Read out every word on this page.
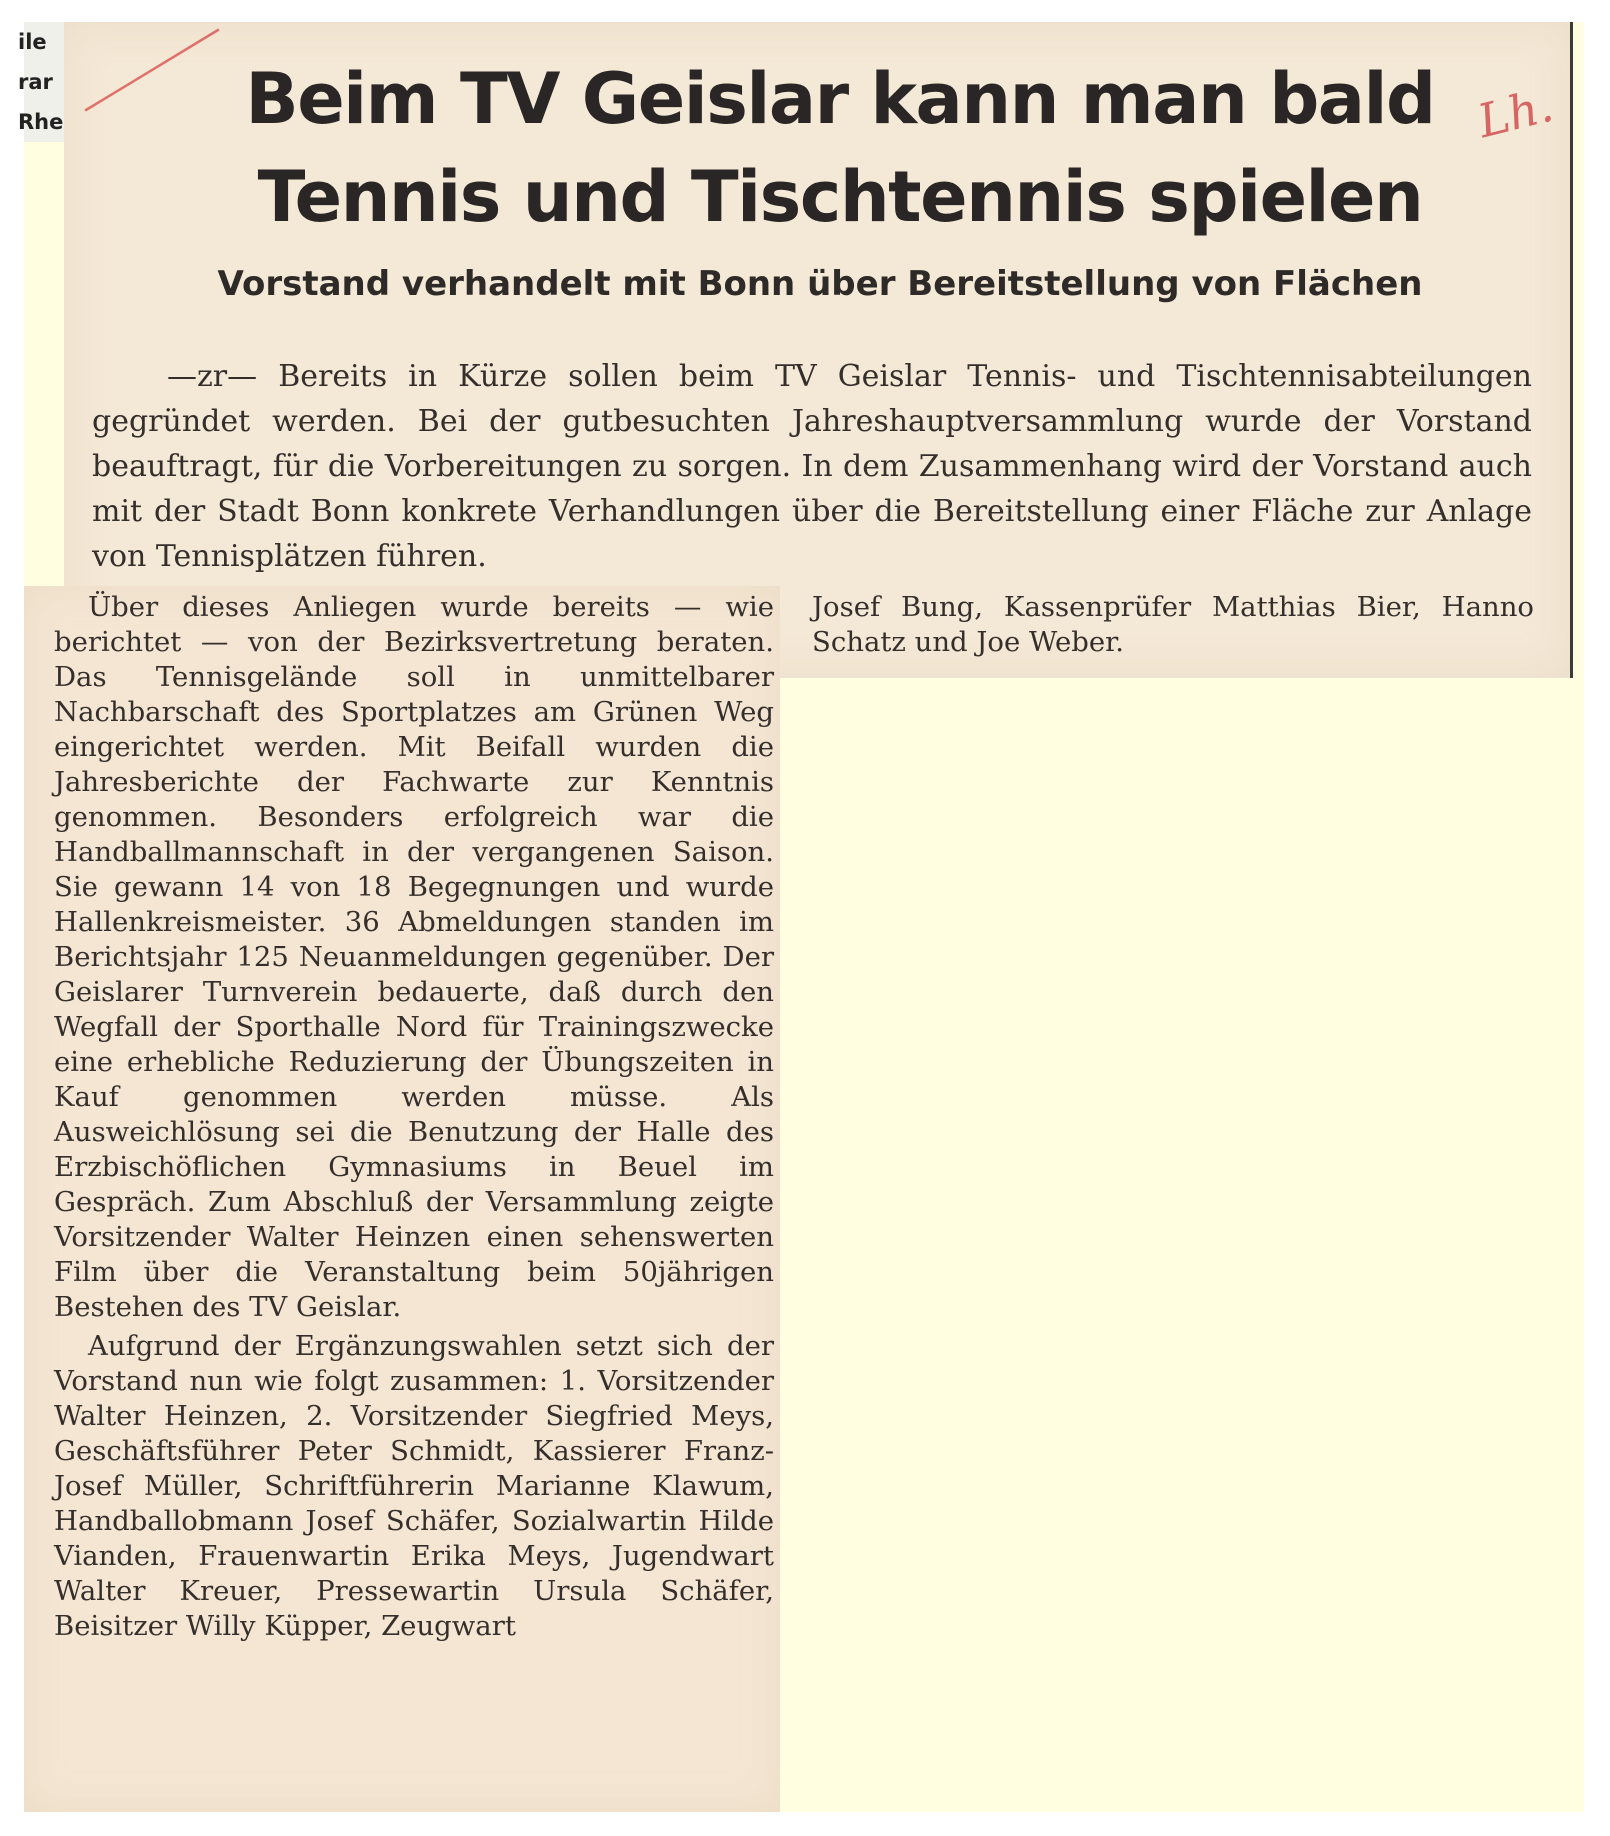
ile
rar
Rhe	Beim TV Geislar kann man bald
Tennis und Tischtennis spielen
Lh.
Vorstand verhandelt mit Bonn über Bereitstellung von Flächen

—zr— Bereits in Kürze sollen beim TV Geislar Tennis- und Tischtennisabteilungen gegründet werden. Bei der gutbesuchten Jahreshauptversammlung wurde der Vorstand beauftragt, für die Vorbereitungen zu sorgen. In dem Zusammenhang wird der Vorstand auch mit der Stadt Bonn konkrete Verhandlungen über die Bereitstellung einer Fläche zur Anlage von Tennisplätzen führen.

Über dieses Anliegen wurde bereits — wie berichtet — von der Bezirksvertretung beraten. Das Tennisgelände soll in unmittelbarer Nachbarschaft des Sportplatzes am Grünen Weg eingerichtet werden. Mit Beifall wurden die Jahresberichte der Fachwarte zur Kenntnis genommen. Besonders erfolgreich war die Handballmannschaft in der vergangenen Saison. Sie gewann 14 von 18 Begegnungen und wurde Hallenkreismeister. 36 Abmeldungen standen im Berichtsjahr 125 Neuanmeldungen gegenüber. Der Geislarer Turnverein bedauerte, daß durch den Wegfall der Sporthalle Nord für Trainingszwecke eine erhebliche Reduzierung der Übungszeiten in Kauf genommen werden müsse. Als Ausweichlösung sei die Benutzung der Halle des Erzbischöflichen Gymnasiums in Beuel im Gespräch. Zum Abschluß der Versammlung zeigte Vorsitzender Walter Heinzen einen sehenswerten Film über die Veranstaltung beim 50jährigen Bestehen des TV Geislar.

Aufgrund der Ergänzungswahlen setzt sich der Vorstand nun wie folgt zusammen: 1. Vorsitzender Walter Heinzen, 2. Vorsitzender Siegfried Meys, Geschäftsführer Peter Schmidt, Kassierer Franz-Josef Müller, Schriftführerin Marianne Klawum, Handballobmann Josef Schäfer, Sozialwartin Hilde Vianden, Frauenwartin Erika Meys, Jugendwart Walter Kreuer, Pressewartin Ursula Schäfer, Beisitzer Willy Küpper, Zeugwart

Josef Bung, Kassenprüfer Matthias Bier, Hanno Schatz und Joe Weber.
